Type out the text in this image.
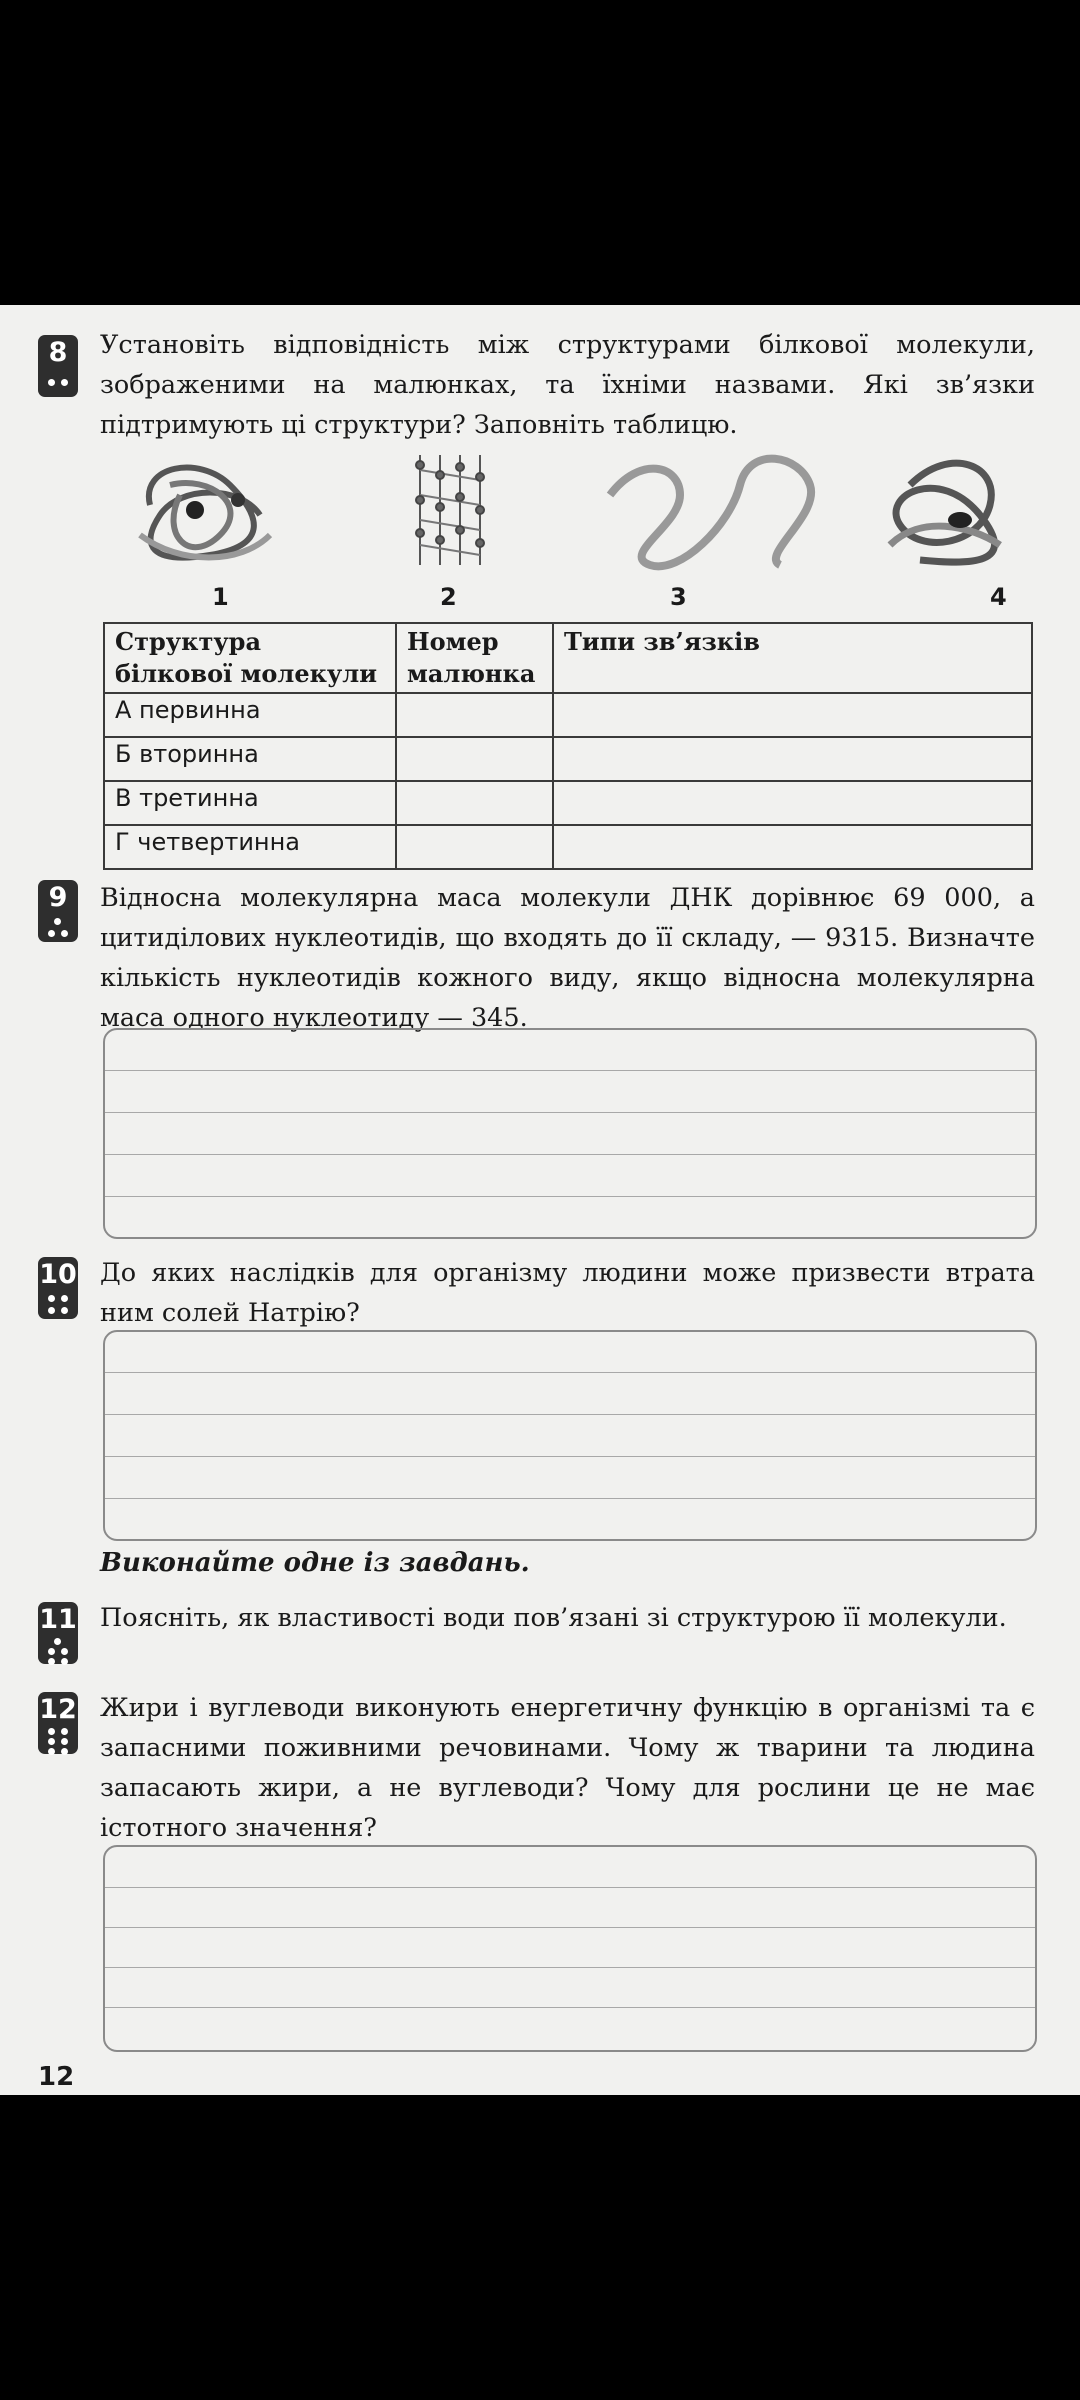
8	Установіть відповідність між структурами білкової молекули, зображеними на малюнках, та їхніми назвами. Які зв’язки підтримують ці структури? Заповніть таблицю.
1	2	3	4
Структура білкової молекули	Номер малюнка	Типи зв’язків
А первинна		
Б вторинна		
В третинна		
Г четвертинна		
9	Відносна молекулярна маса молекули ДНК дорівнює 69 000, а цитиділових нуклеотидів, що входять до її складу, — 9315. Визначте кількість нуклеотидів кожного виду, якщо відносна молекулярна маса одного нуклеотиду — 345.
10 До яких наслідків для організму людини може призвести втрата ним солей Натрію?
Виконайте одне із завдань.
11 Поясніть, як властивості води пов’язані зі структурою її молекули.
12 Жири і вуглеводи виконують енергетичну функцію в організмі та є запасними поживними речовинами. Чому ж тварини та людина запасають жири, а не вуглеводи? Чому для рослини це не має істотного значення?
12
